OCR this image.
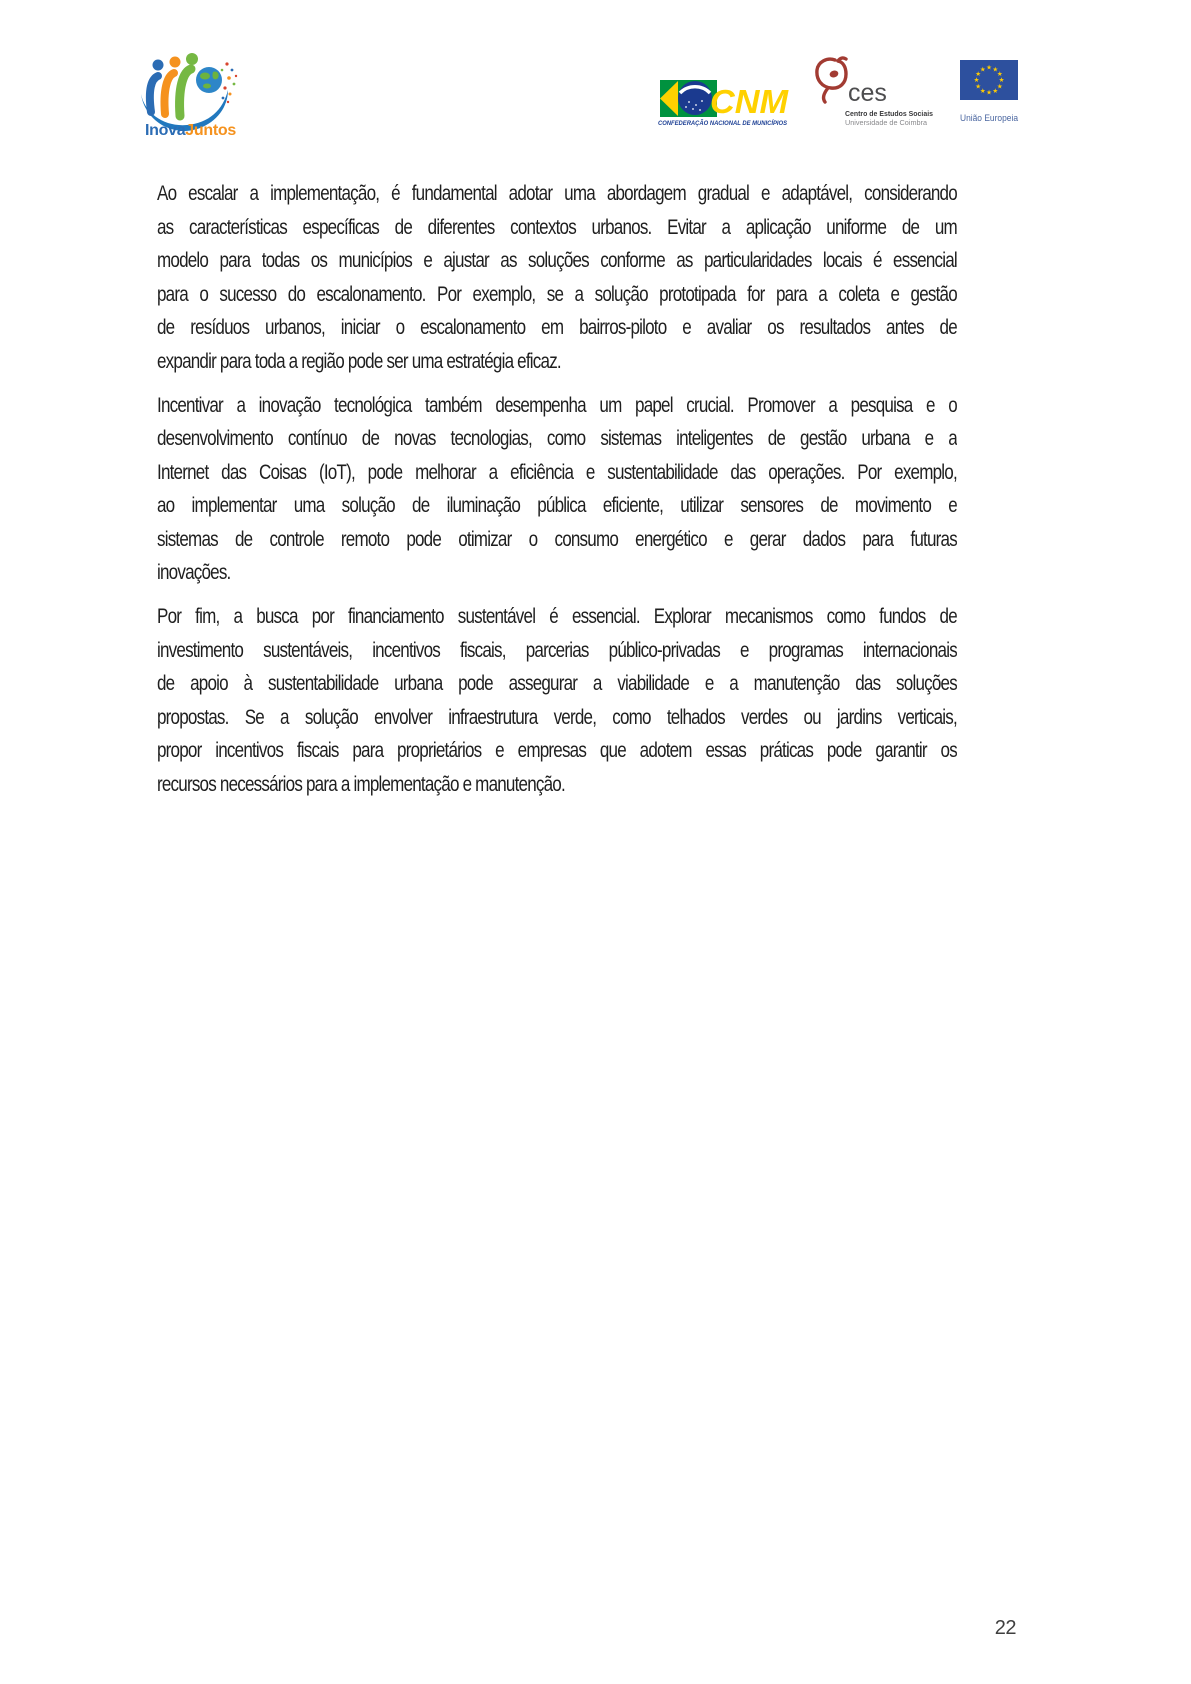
InovaJuntos
CNM
CONFEDERAÇÃO NACIONAL DE MUNICÍPIOS
ces
Centro de Estudos Sociais
Universidade de Coimbra
★ ★
★
★
★
★
★
★
★
★
★
★
União Europeia
Ao escalar a implementação, é fundamental adotar uma abordagem gradual e adaptável, considerando
as características específicas de diferentes contextos urbanos. Evitar a aplicação uniforme de um
modelo para todas os municípios e ajustar as soluções conforme as particularidades locais é essencial
para o sucesso do escalonamento. Por exemplo, se a solução prototipada for para a coleta e gestão
de resíduos urbanos, iniciar o escalonamento em bairros-piloto e avaliar os resultados antes de
expandir para toda a região pode ser uma estratégia eficaz.
Incentivar a inovação tecnológica também desempenha um papel crucial. Promover a pesquisa e o
desenvolvimento contínuo de novas tecnologias, como sistemas inteligentes de gestão urbana e a
Internet das Coisas (IoT), pode melhorar a eficiência e sustentabilidade das operações. Por exemplo,
ao implementar uma solução de iluminação pública eficiente, utilizar sensores de movimento e
sistemas de controle remoto pode otimizar o consumo energético e gerar dados para futuras
inovações.
Por fim, a busca por financiamento sustentável é essencial. Explorar mecanismos como fundos de
investimento sustentáveis, incentivos fiscais, parcerias público-privadas e programas internacionais
de apoio à sustentabilidade urbana pode assegurar a viabilidade e a manutenção das soluções
propostas. Se a solução envolver infraestrutura verde, como telhados verdes ou jardins verticais,
propor incentivos fiscais para proprietários e empresas que adotem essas práticas pode garantir os
recursos necessários para a implementação e manutenção.
22
